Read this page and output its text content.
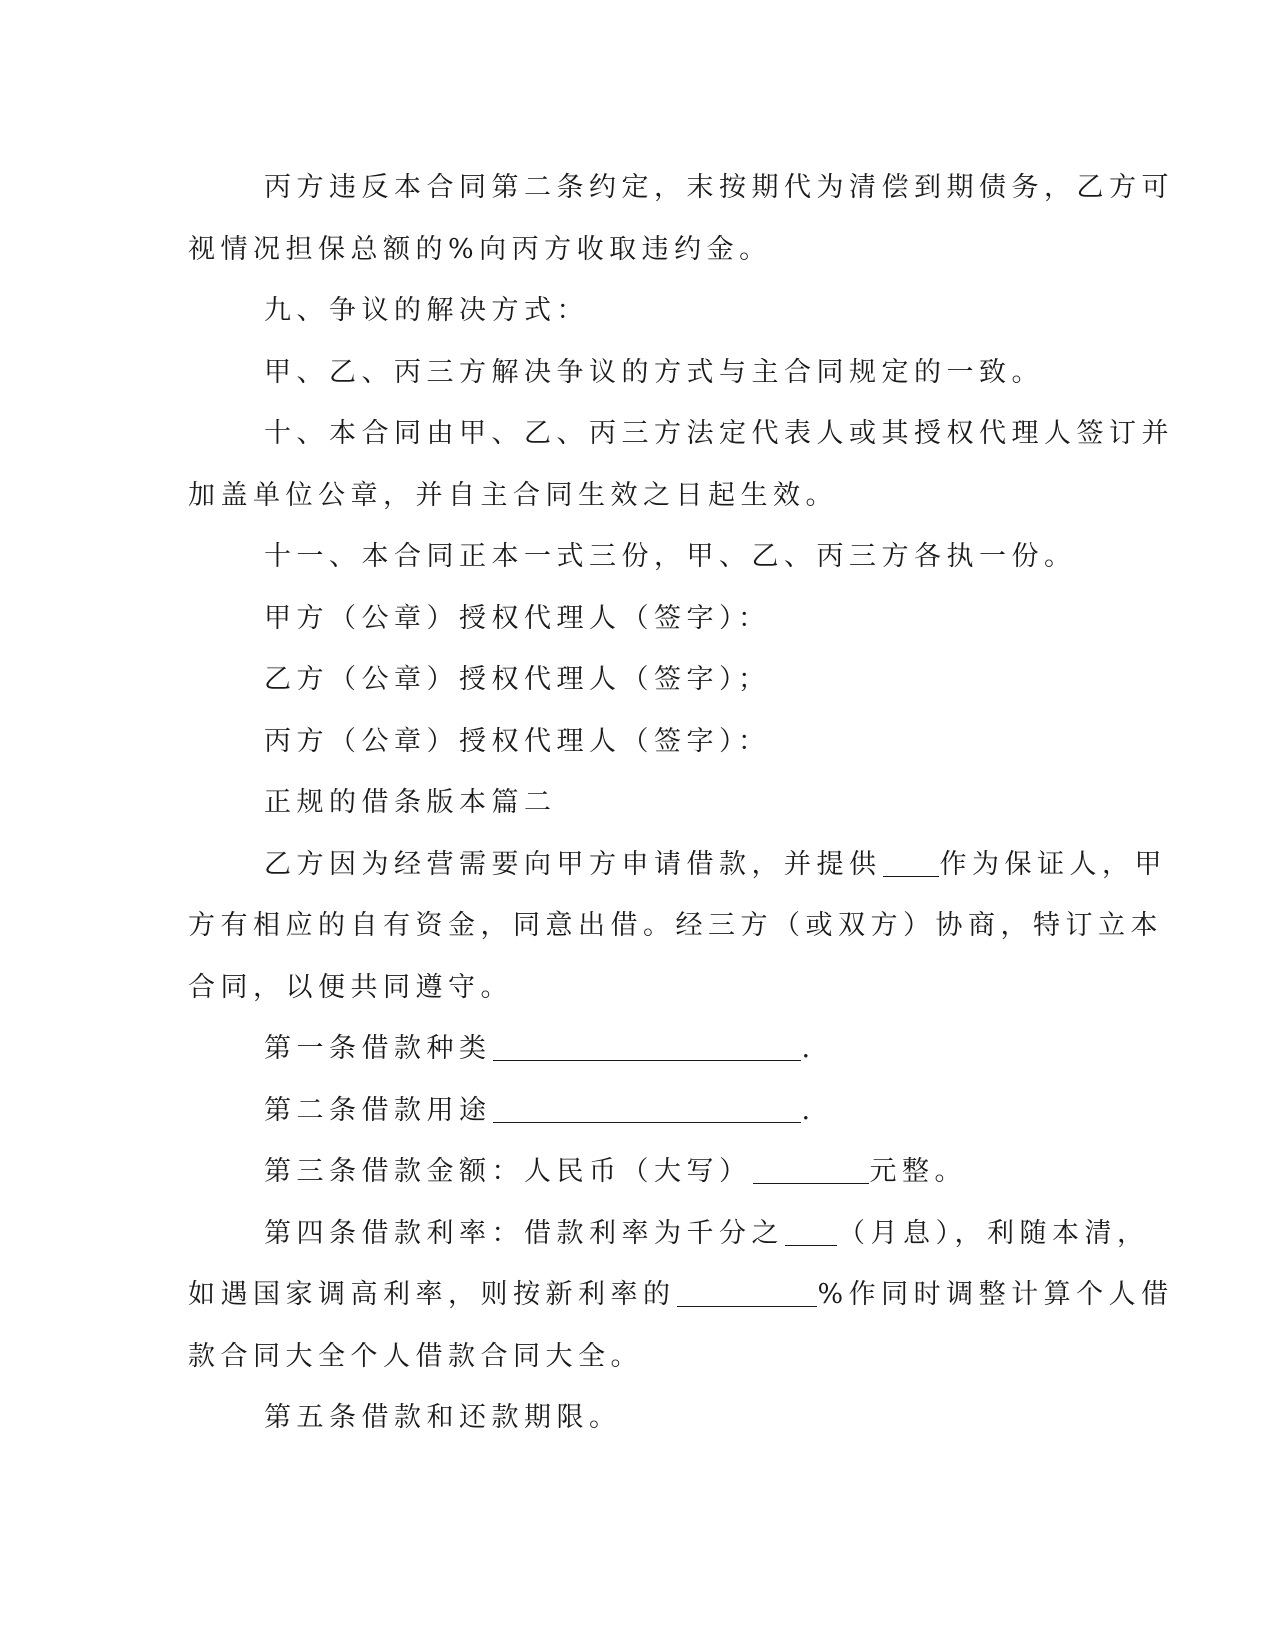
丙方违反本合同第二条约定，末按期代为清偿到期债务，乙方可
视情况担保总额的%向丙方收取违约金。
九、争议的解决方式：
甲、乙、丙三方解决争议的方式与主合同规定的一致。
十、本合同由甲、乙、丙三方法定代表人或其授权代理人签订并
加盖单位公章，并自主合同生效之日起生效。
十一、本合同正本一式三份，甲、乙、丙三方各执一份。
甲方（公章）授权代理人（签字）：
乙方（公章）授权代理人（签字）；
丙方（公章）授权代理人（签字）：
正规的借条版本篇二
乙方因为经营需要向甲方申请借款，并提供 作为保证人，甲
方有相应的自有资金，同意出借。经三方（或双方）协商，特订立本
合同，以便共同遵守。
第一条借款种类	.
第二条借款用途	.
第三条借款金额：人民币（大写）	元整。
第四条借款利率：借款利率为千分之 （月息），利随本清，
如遇国家调高利率，则按新利率的	%作同时调整计算个人借
款合同大全个人借款合同大全。
第五条借款和还款期限。
